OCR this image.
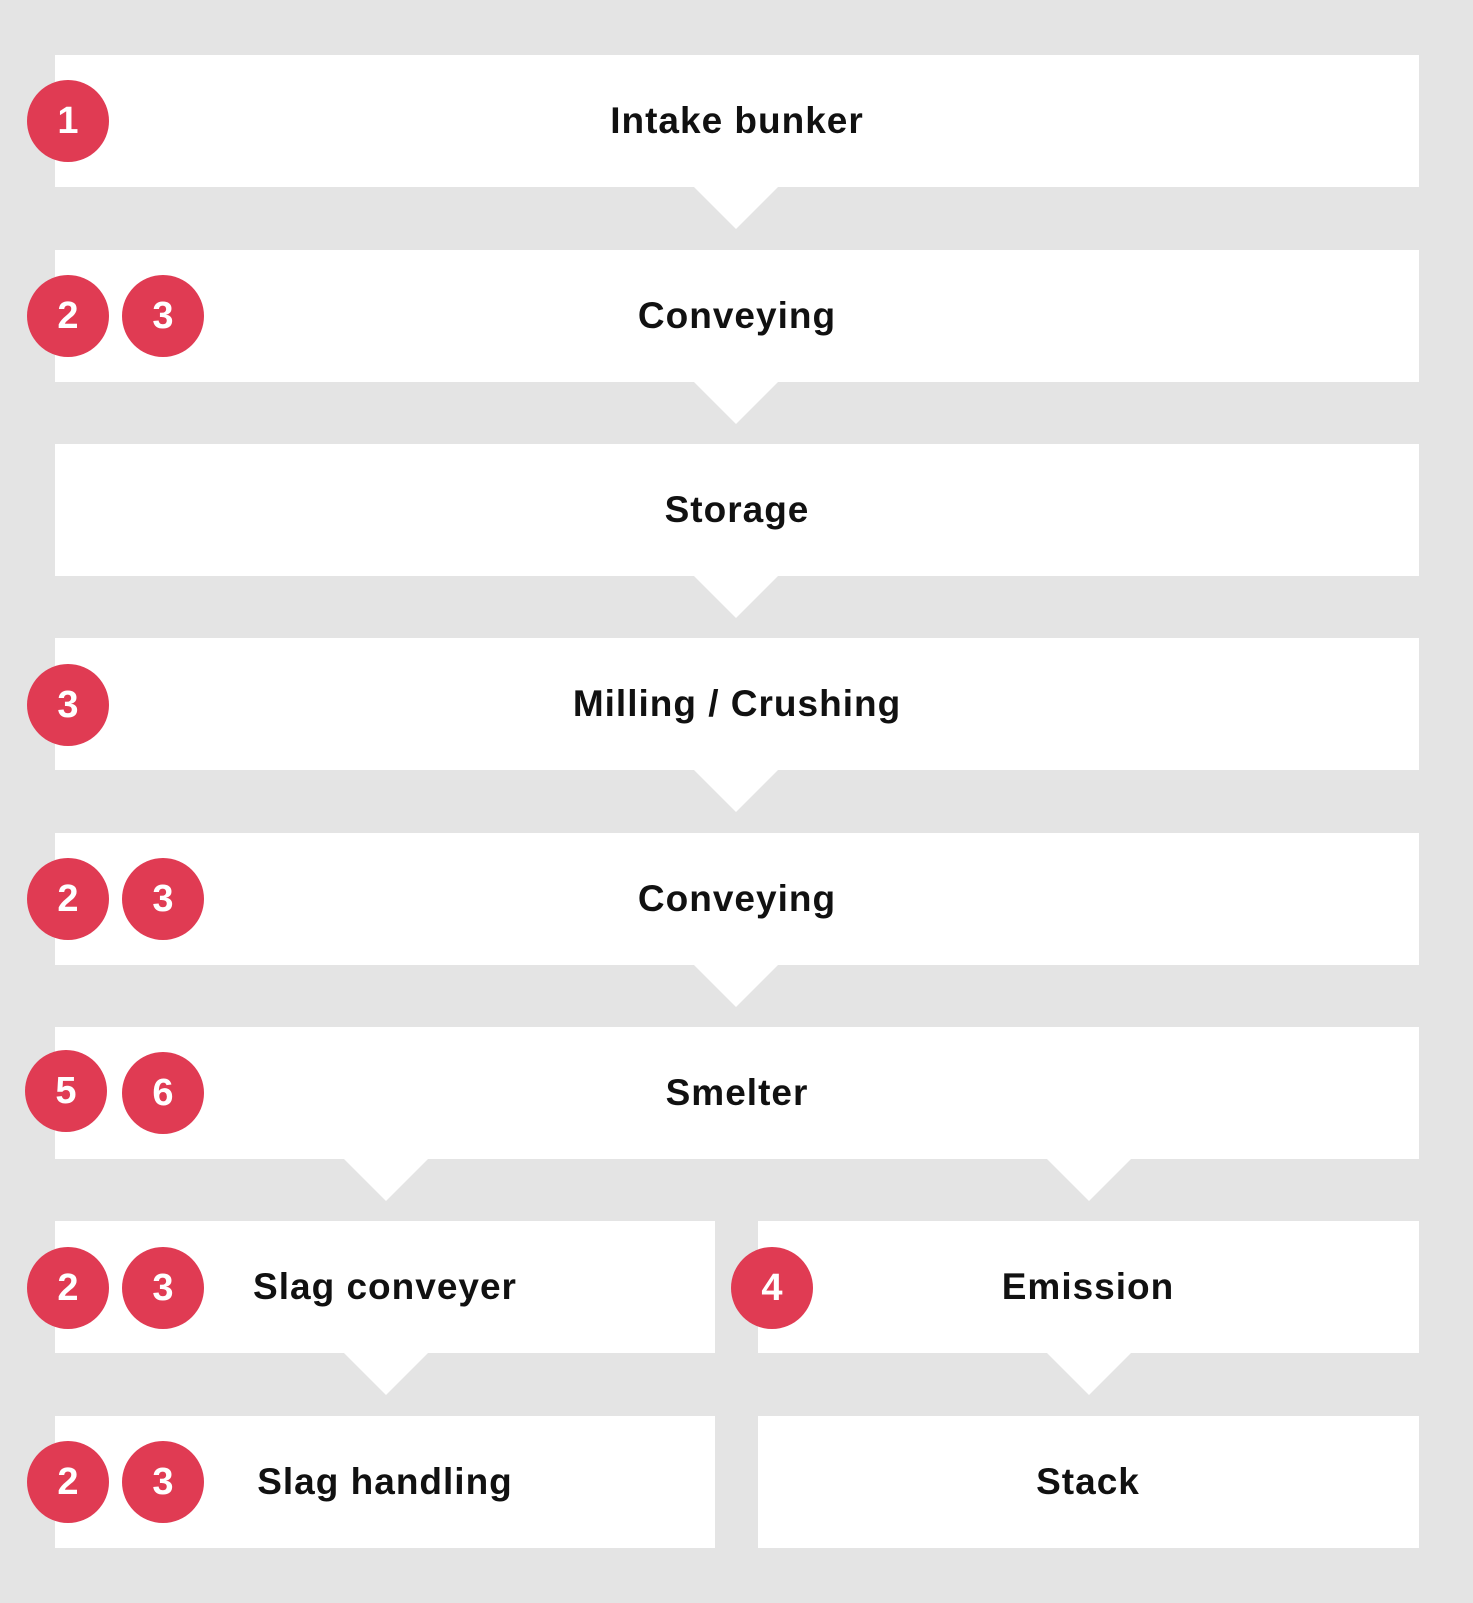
Intake bunker
1
Conveying
2	3
Storage
Milling / Crushing
3
Conveying
2	3
Smelter
5	6
Slag conveyer	Emission
2	3	4
Slag handling	Stack
2	3
